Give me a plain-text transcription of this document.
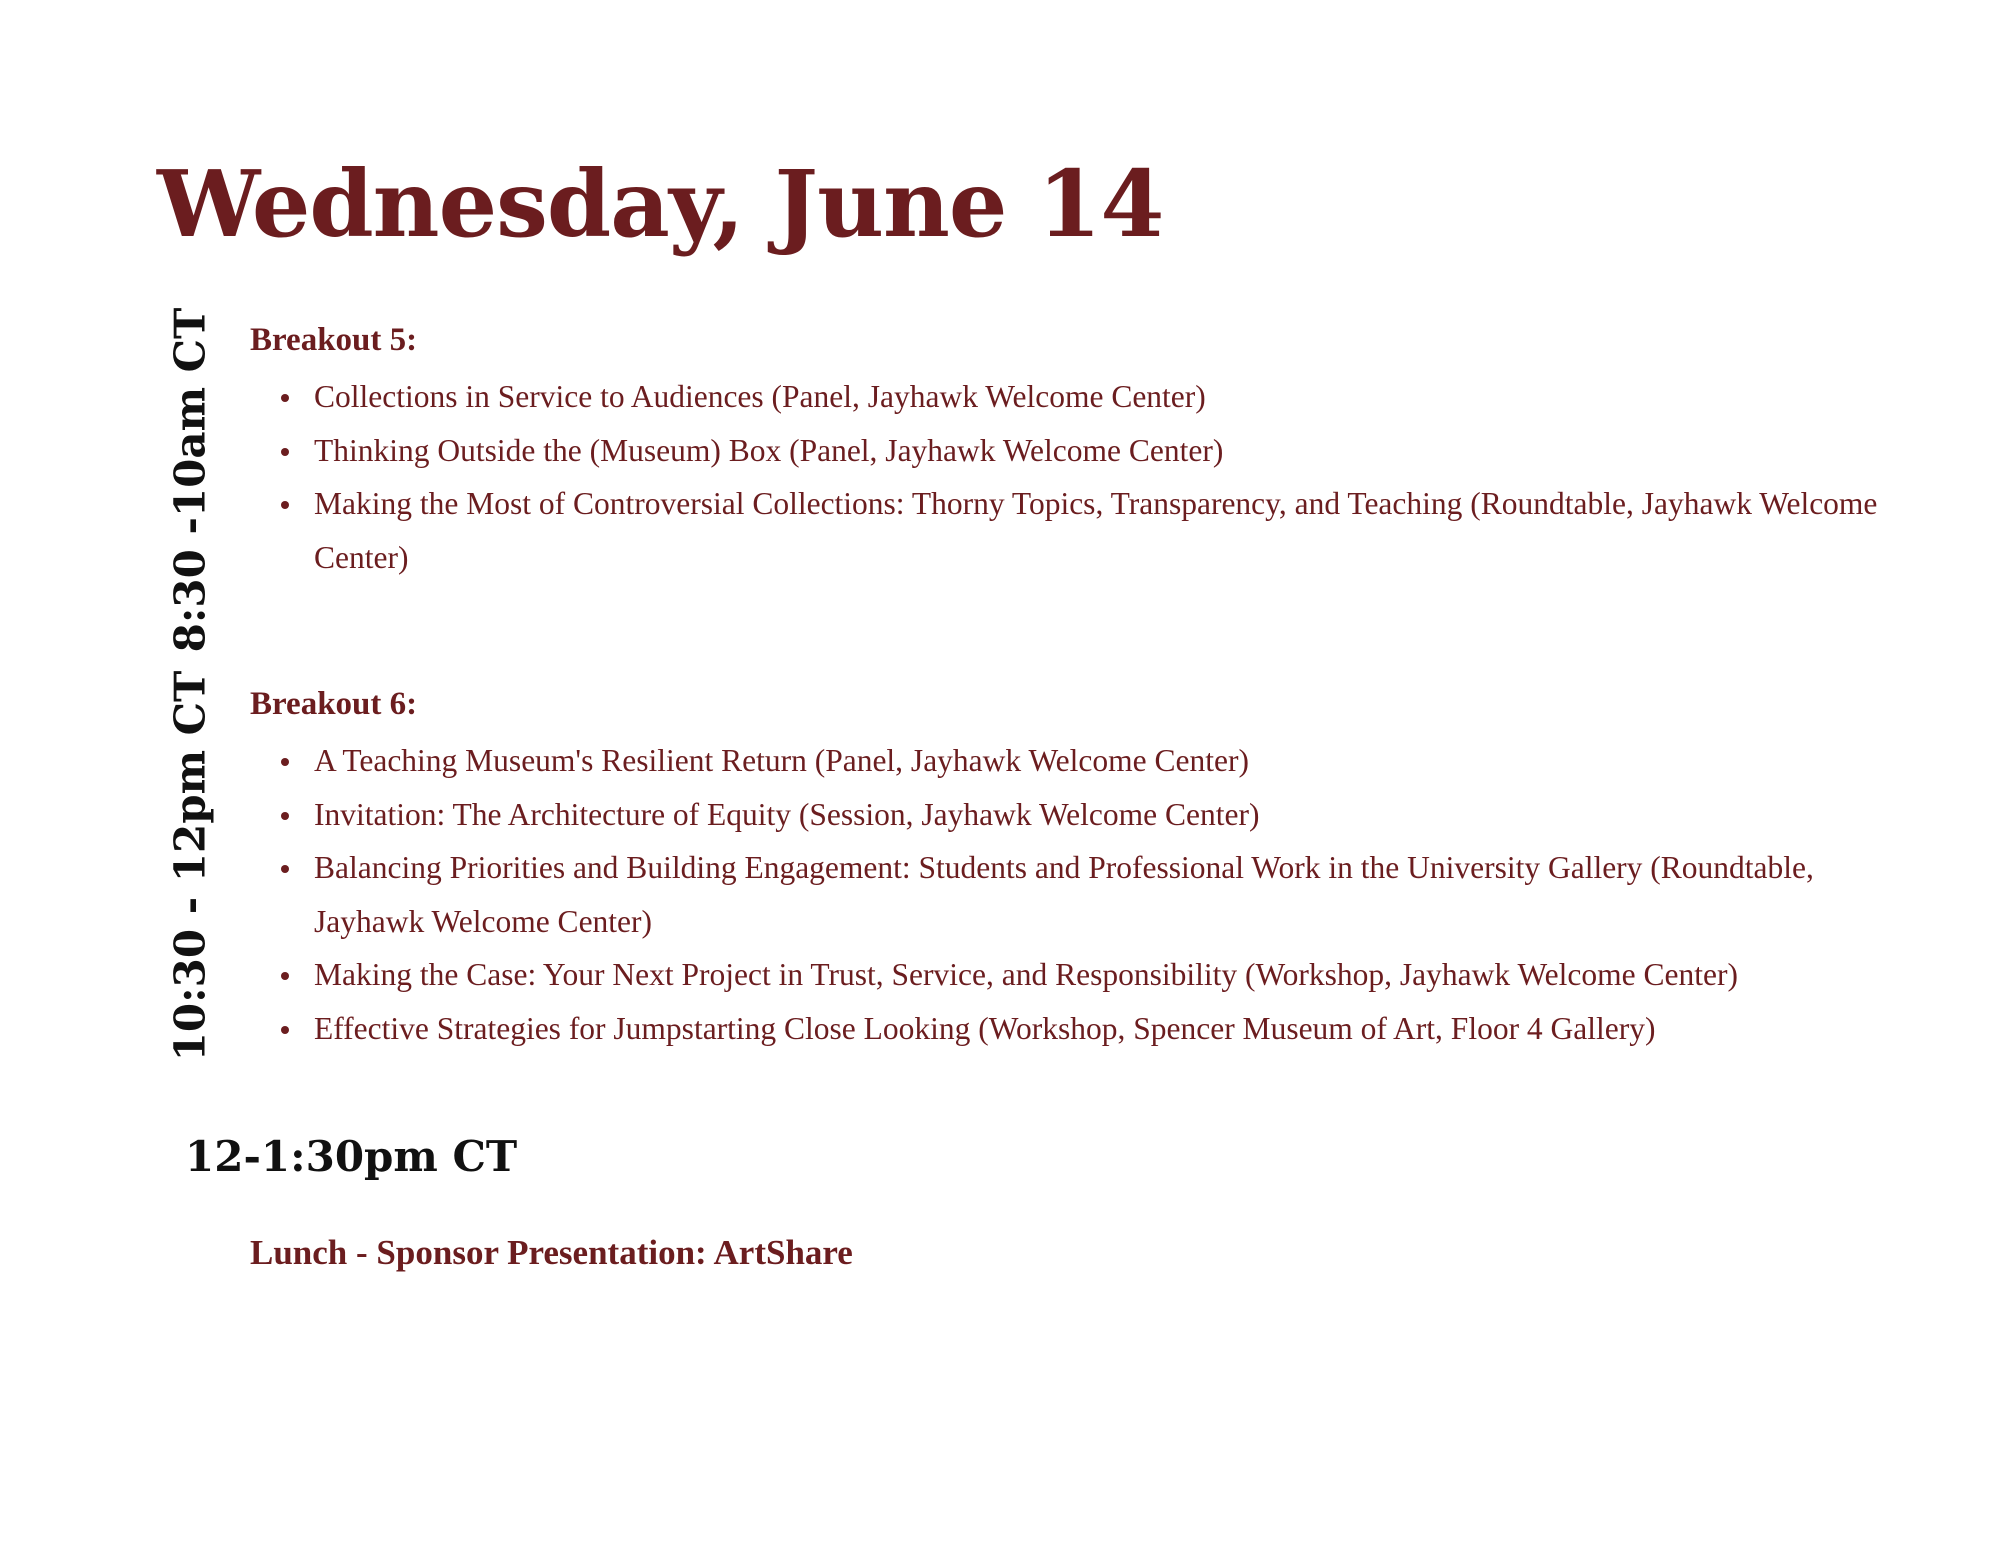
Wednesday, June 14
8:30 -10am CT Breakout 5:
Collections in Service to Audiences (Panel, Jayhawk Welcome Center)
Thinking Outside the (Museum) Box (Panel, Jayhawk Welcome Center)
Making the Most of Controversial Collections: Thorny Topics, Transparency, and Teaching (Roundtable, Jayhawk Welcome Center)
10:30 - 12pm CT Breakout 6:
A Teaching Museum's Resilient Return (Panel, Jayhawk Welcome Center)
Invitation: The Architecture of Equity (Session, Jayhawk Welcome Center)
Balancing Priorities and Building Engagement: Students and Professional Work in the University Gallery (Roundtable, Jayhawk Welcome Center)
Making the Case: Your Next Project in Trust, Service, and Responsibility (Workshop, Jayhawk Welcome Center)
Effective Strategies for Jumpstarting Close Looking (Workshop, Spencer Museum of Art, Floor 4 Gallery)
12-1:30pm CT
Lunch - Sponsor Presentation: ArtShare
